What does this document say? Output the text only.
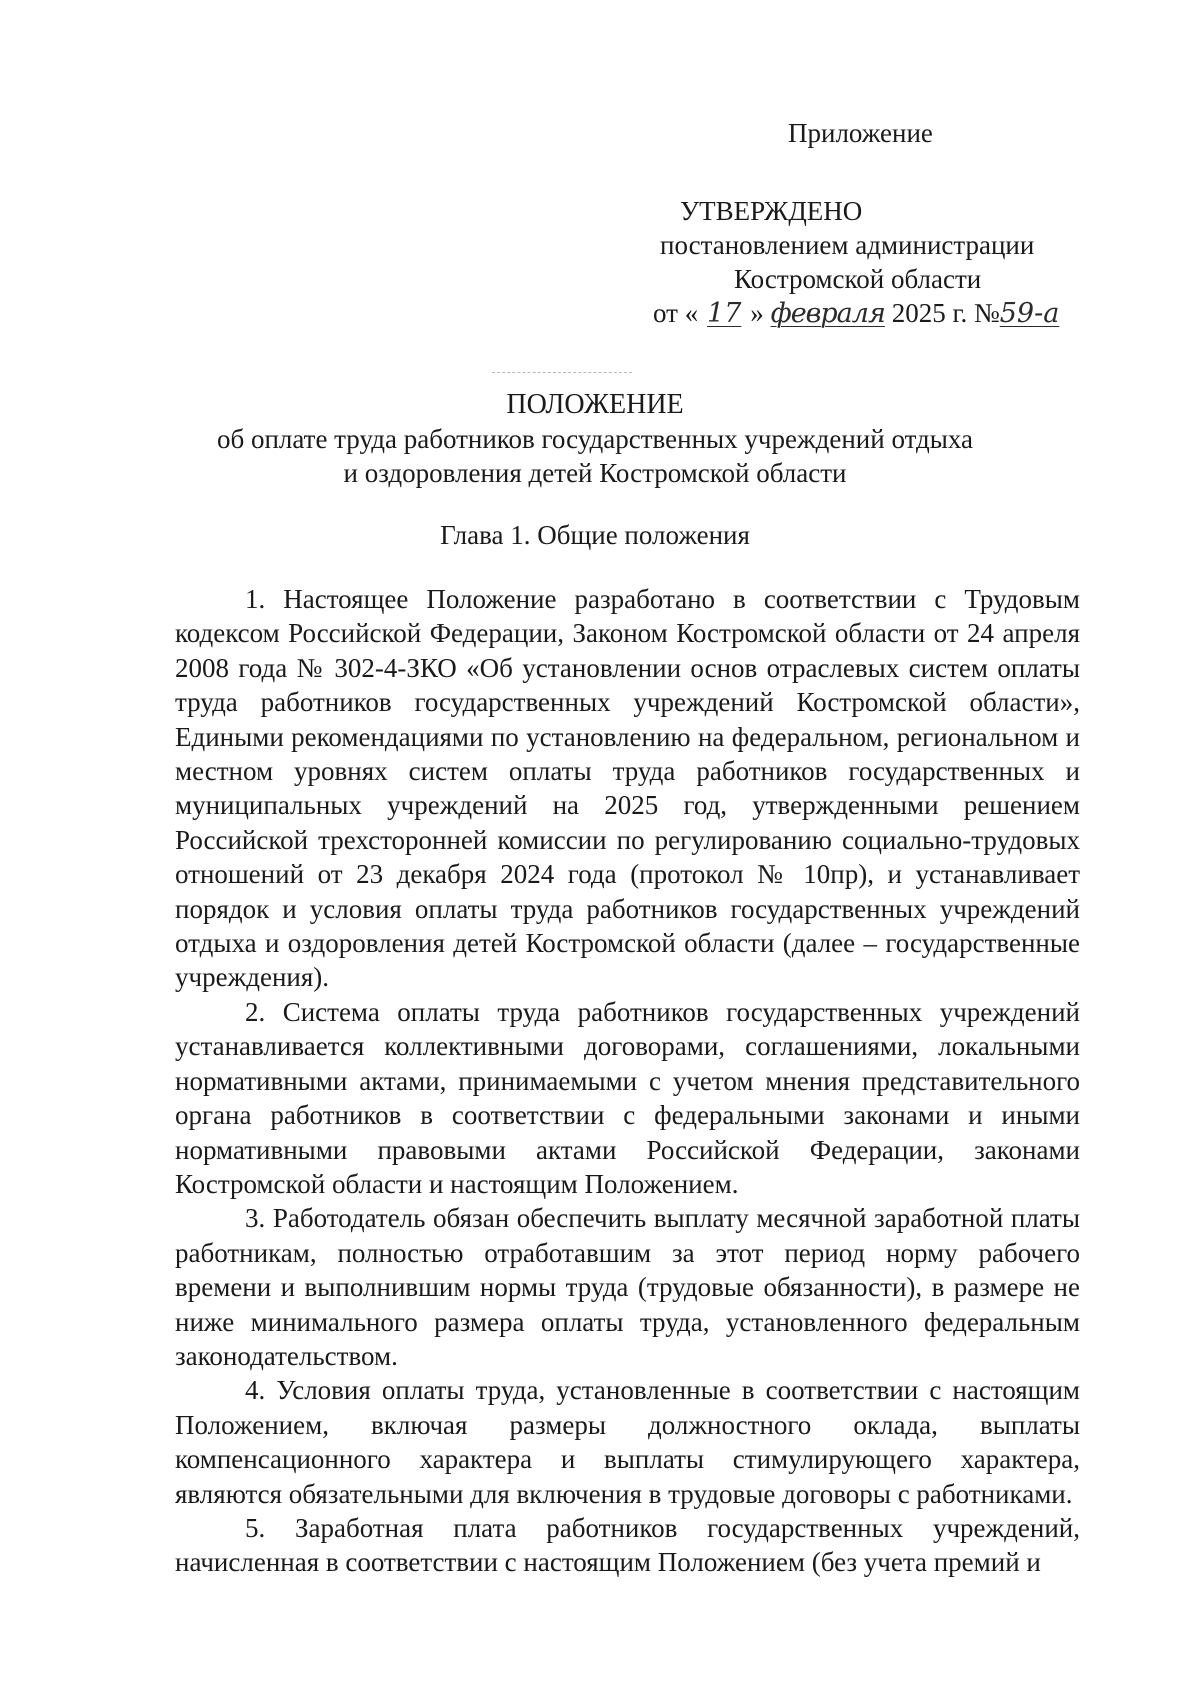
Приложение
УТВЕРЖДЕНО
постановлением администрации
Костромской области
от « 17 » февраля 2025 г. №59-а
ПОЛОЖЕНИЕ
об оплате труда работников государственных учреждений отдыха
и оздоровления детей Костромской области
Глава 1. Общие положения

1. Настоящее Положение разработано в соответствии с Трудовым кодексом Российской Федерации, Законом Костромской области от 24 апреля 2008 года № 302-4-ЗКО «Об установлении основ отраслевых систем оплаты труда работников государственных учреждений Костромской области», Едиными рекомендациями по установлению на федеральном, региональном и местном уровнях систем оплаты труда работников государственных и муниципальных учреждений на 2025 год, утвержденными решением Российской трехсторонней комиссии по регулированию социально-трудовых отношений от 23 декабря 2024 года (протокол № 10пр), и устанавливает порядок и условия оплаты труда работников государственных учреждений отдыха и оздоровления детей Костромской области (далее – государственные учреждения).

2. Система оплаты труда работников государственных учреждений устанавливается коллективными договорами, соглашениями, локальными нормативными актами, принимаемыми с учетом мнения представительного органа работников в соответствии с федеральными законами и иными нормативными правовыми актами Российской Федерации, законами Костромской области и настоящим Положением.

3. Работодатель обязан обеспечить выплату месячной заработной платы работникам, полностью отработавшим за этот период норму рабочего времени и выполнившим нормы труда (трудовые обязанности), в размере не ниже минимального размера оплаты труда, установленного федеральным законодательством.

4. Условия оплаты труда, установленные в соответствии с настоящим Положением, включая размеры должностного оклада, выплаты компенсационного характера и выплаты стимулирующего характера, являются обязательными для включения в трудовые договоры с работниками.

5. Заработная плата работников государственных учреждений, начисленная в соответствии с настоящим Положением (без учета премий и
